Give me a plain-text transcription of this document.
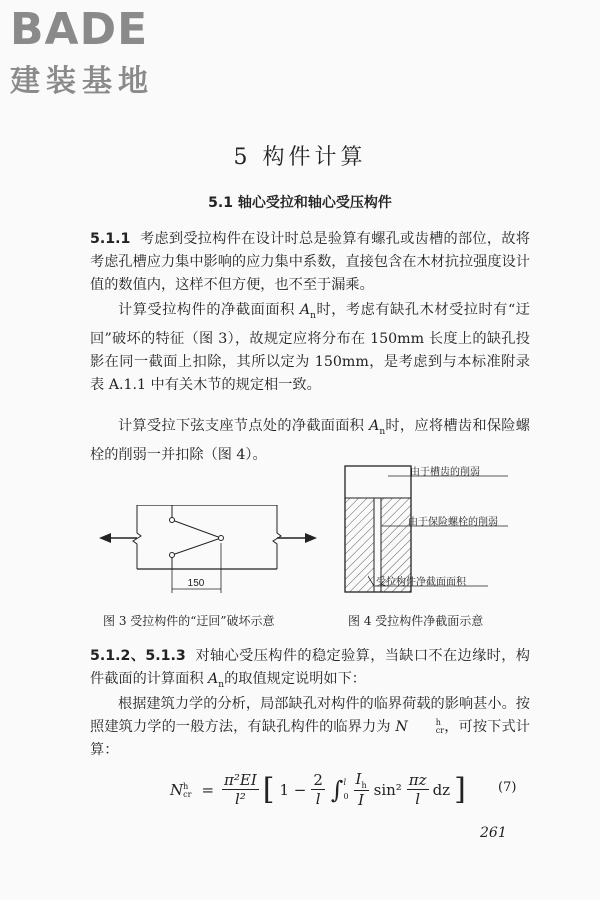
BADE
建装基地
5 构件计算
5.1 轴心受拉和轴心受压构件
5.1.1 考虑到受拉构件在设计时总是验算有螺孔或齿槽的部位，故将考虑孔槽应力集中影响的应力集中系数，直接包含在木材抗拉强度设计值的数值内，这样不但方便，也不至于漏乘。
计算受拉构件的净截面面积 $A_n$时，考虑有缺孔木材受拉时有“迂回”破坏的特征（图 3），故规定应将分布在 150mm 长度上的缺孔投影在同一截面上扣除，其所以定为 150mm，是考虑到与本标准附录表 A.1.1 中有关木节的规定相一致。
计算受拉下弦支座节点处的净截面面积 $A_n$时，应将槽齿和保险螺栓的削弱一并扣除（图 4）。
150
图 3 受拉构件的“迂回”破坏示意
由于槽齿的削弱
由于保险螺栓的削弱
受拉构件净截面面积
图 4 受拉构件净截面示意
5.1.2、5.1.3 对轴心受压构件的稳定验算，当缺口不在边缘时，构件截面的计算面积 $A_n$的取值规定说明如下：
根据建筑力学的分析，局部缺孔对构件的临界荷载的影响甚小。按照建筑力学的一般方法，有缺孔构件的临界力为 N	h
cr ，可按下式计算：
N h
cr	=	
π²EI
l²	[	1 −	
2
l	∫	l
0

$I_h$
I
	sin²	
πz
l
	dz	] (7)
261
